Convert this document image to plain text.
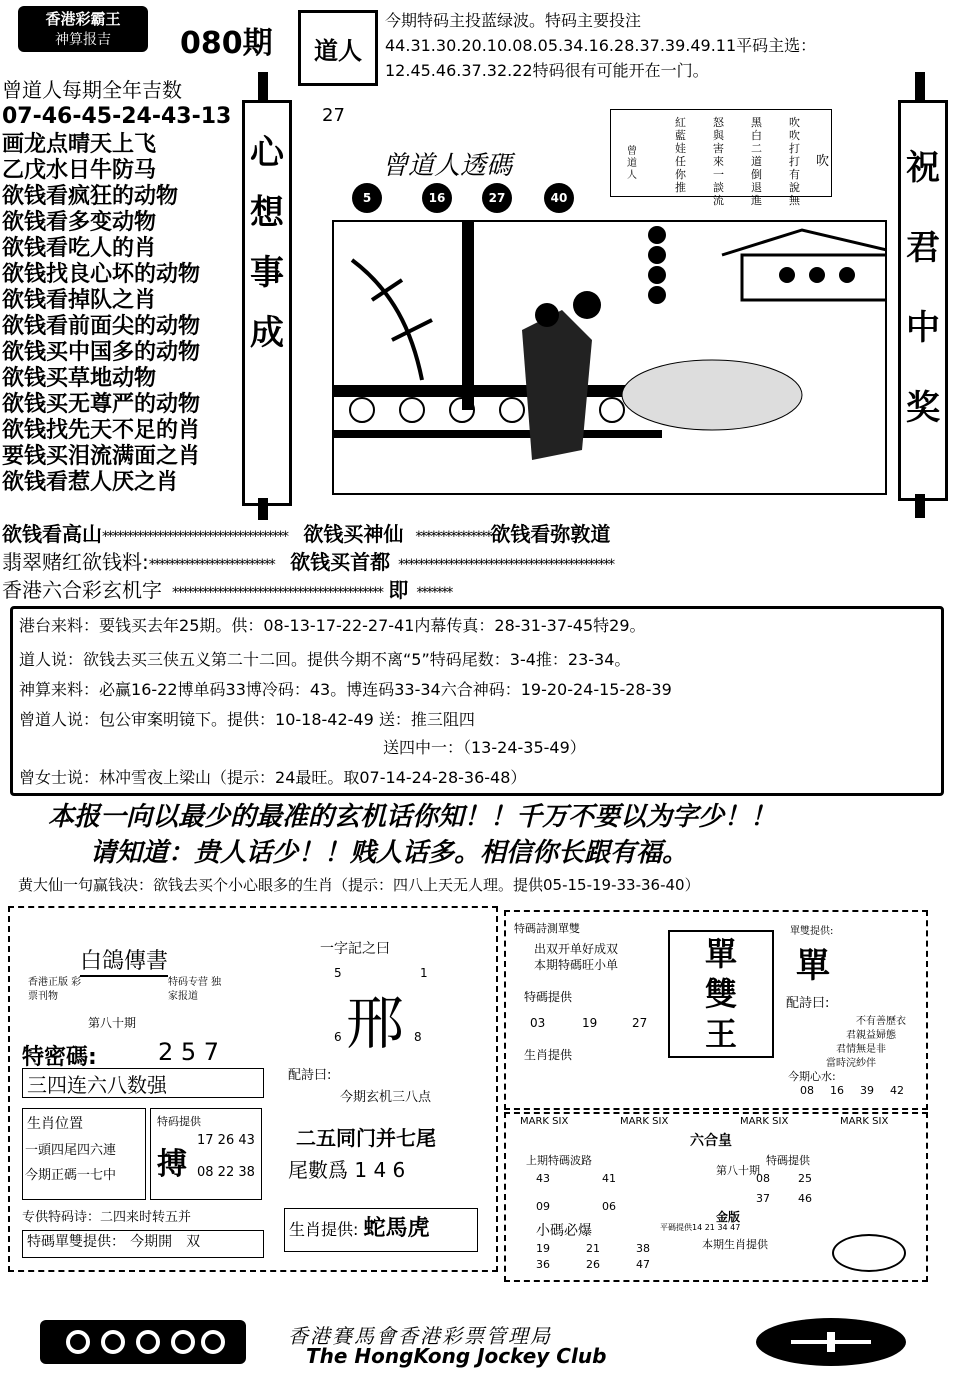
香港彩霸王
神算报吉	080期 道人
今期特码主投蓝绿波。特码主要投注44.31.30.20.10.08.05.34.16.28.37.39.49.11平码主选：12.45.46.37.32.22特码很有可能开在一门。
曾道人每期全年吉数
07-46-45-24-43-13
画龙点晴天上飞
乙戊水日牛防马
欲钱看疯狂的动物
欲钱看多变动物
欲钱看吃人的肖
欲钱找良心坏的动物
欲钱看掉队之肖
欲钱看前面尖的动物
欲钱买中国多的动物
欲钱买草地动物
欲钱买无尊严的动物
欲钱找先天不足的肖
要钱买泪流满面之肖
欲钱看惹人厌之肖
心
想
事
成
祝
君
中
奖
27
曾道人透碼
5	16	27	40
吹
吹吹打打有說無
黑白二道倒退進
怒與害來一談流
紅藍娃任你推
曾道人
欲钱看高山************************************* 欲钱买神仙 ***************欲钱看弥敦道
翡翠赌红欲钱料:************************* 欲钱买首都 *******************************************
香港六合彩玄机字 ****************************************** 即 *******
港台来料：要钱买去年25期。供：08-13-17-22-27-41内幕传真：28-31-37-45特29。
道人说：欲钱去买三侠五义第二十二回。提供今期不离“5”特码尾数：3-4推：23-34。
神算来料：必赢16-22博单码33博冷码：43。博连码33-34六合神码：19-20-24-15-28-39
曾道人说：包公审案明镜下。提供：10-18-42-49 送：推三阻四
送四中一：（13-24-35-49）
曾女士说：林冲雪夜上梁山（提示：24最旺。取07-14-24-28-36-48）
本报一向以最少的最准的玄机话你知！！千万不要以为字少！！
请知道：贵人话少！！贱人话多。相信你长跟有福。
黄大仙一句赢钱决：欲钱去买个小心眼多的生肖（提示：四八上天无人理。提供05-15-19-33-36-40）
白鴿傳書
香港正版 彩票刊物
特码专营 独家报道
第八十期
特密碼:	2 5 7
三四连六八数强
生肖位置
一頭四尾四六連
今期正碼一七中
特码提供
搏
17 26 43
08 22 38
专供特码诗：二四来时转五并
特碼單雙提供： 今期開　双
一字記之曰
5	1
邢
6	8
配詩曰:
今期玄机三八点
二五同门并七尾
尾數爲 1 4 6
生肖提供: 蛇馬虎
特碼詩測單雙
出双开单好成双
本期特碼旺小单
特碼提供
03	19	27
生肖提供
單雙王
單雙提供:
單
配詩曰:
不有善歷衣
君親益婦態
君情無是非
當時浣紗伴
今期心水:
08 16 39 42
MARK SIX	MARK SIX	MARK SIX	MARK SIX
六合皇
上期特碼波路
43	41
09	06
第八十期
金版
特碼提供
08	25
37	46
小碼必爆
19	21	38
36	26	47
平碼提供14 21 34 47
本期生肖提供
香港賽馬會香港彩票管理局
The HongKong Jockey Club
